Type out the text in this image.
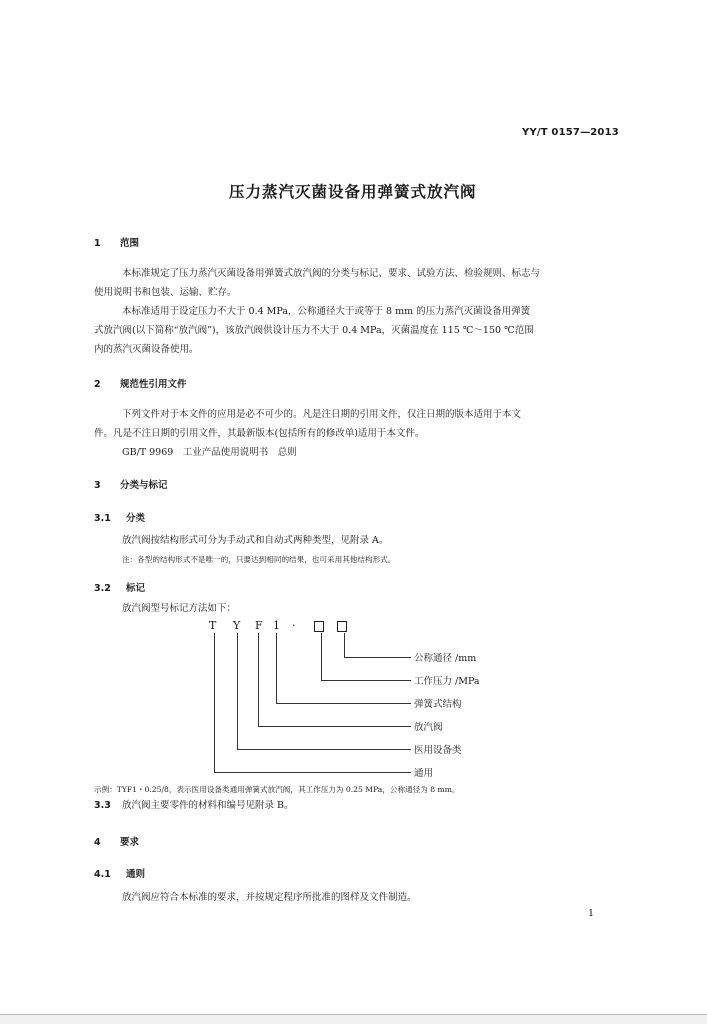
YY/T 0157—2013
压力蒸汽灭菌设备用弹簧式放汽阀
1 范围
本标准规定了压力蒸汽灭菌设备用弹簧式放汽阀的分类与标记、要求、试验方法、检验规则、标志与
使用说明书和包装、运输、贮存。
本标准适用于设定压力不大于 0.4 MPa，公称通径大于或等于 8 mm 的压力蒸汽灭菌设备用弹簧
式放汽阀(以下简称“放汽阀”)，该放汽阀供设计压力不大于 0.4 MPa，灭菌温度在 115 ℃～150 ℃范围
内的蒸汽灭菌设备使用。
2 规范性引用文件
下列文件对于本文件的应用是必不可少的。凡是注日期的引用文件，仅注日期的版本适用于本文
件。凡是不注日期的引用文件，其最新版本(包括所有的修改单)适用于本文件。
GB/T 9969　工业产品使用说明书　总则
3 分类与标记
3.1 分类
放汽阀按结构形式可分为手动式和自动式两种类型，见附录 A。
注：各型的结构形式不是唯一的，只要达到相同的结果，也可采用其他结构形式。
3.2 标记
放汽阀型号标记方法如下：
T Y F 1 ·
公称通径 /mm
工作压力 /MPa
弹簧式结构
放汽阀
医用设备类
通用
示例：TYF1・0.25/8，表示医用设备类通用弹簧式放汽阀，其工作压力为 0.25 MPa，公称通径为 8 mm。
3.3 放汽阀主要零件的材料和编号见附录 B。
4 要求
4.1 通则
放汽阀应符合本标准的要求，并按规定程序所批准的图样及文件制造。
1
